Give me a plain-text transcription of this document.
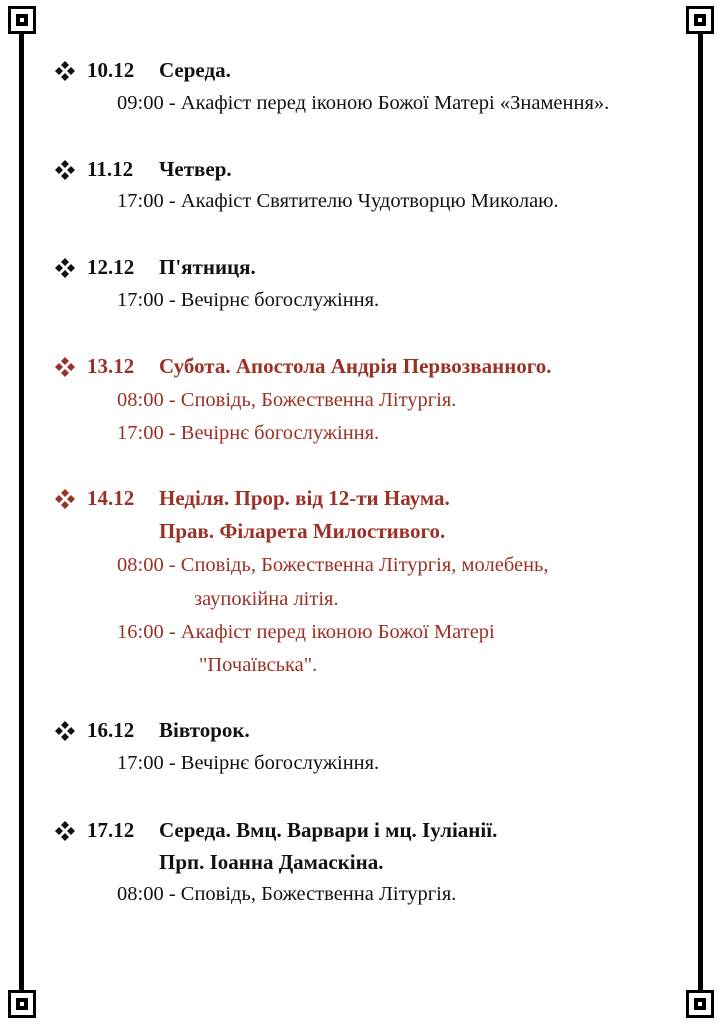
10.12	Середа.
09:00 - Акафіст перед іконою Божої Матері «Знамення».
11.12	Четвер.
17:00 - Акафіст Святителю Чудотворцю Миколаю.
12.12	П'ятниця.
17:00 - Вечірнє богослужіння.
13.12	Субота. Апостола Андрія Первозванного.
08:00 - Сповідь, Божественна Літургія.
17:00 - Вечірнє богослужіння.
14.12	Неділя. Прор. від 12-ти Наума.
Прав. Філарета Милостивого.
08:00 - Сповідь, Божественна Літургія, молебень,
заупокійна літія.
16:00 - Акафіст перед іконою Божої Матері
"Почаївська".
16.12	Вівторок.
17:00 - Вечірнє богослужіння.
17.12	Середа. Вмц. Варвари і мц. Іуліанії.
Прп. Іоанна Дамаскіна.
08:00 - Сповідь, Божественна Літургія.
